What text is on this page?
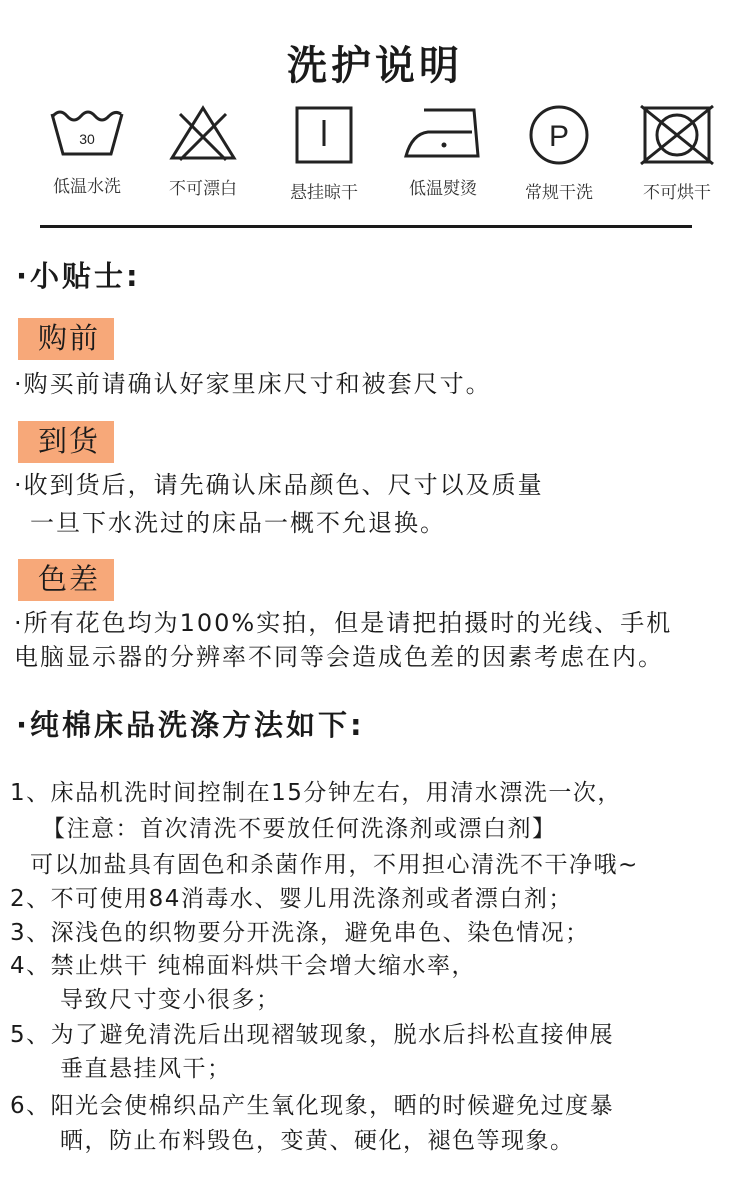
洗护说明
30
低温水洗	不可漂白	悬挂晾干	低温熨烫
P
常规干洗	不可烘干
·小贴士:
购前
·购买前请确认好家里床尺寸和被套尺寸。
到货
·收到货后，请先确认床品颜色、尺寸以及质量
一旦下水洗过的床品一概不允退换。
色差
·所有花色均为100%实拍，但是请把拍摄时的光线、手机
电脑显示器的分辨率不同等会造成色差的因素考虑在内。
·纯棉床品洗涤方法如下:
1、床品机洗时间控制在15分钟左右，用清水漂洗一次，
【注意：首次清洗不要放任何洗涤剂或漂白剂】
可以加盐具有固色和杀菌作用，不用担心清洗不干净哦~
2、不可使用84消毒水、婴儿用洗涤剂或者漂白剂；
3、深浅色的织物要分开洗涤，避免串色、染色情况；
4、禁止烘干 纯棉面料烘干会增大缩水率，
导致尺寸变小很多；
5、为了避免清洗后出现褶皱现象，脱水后抖松直接伸展
垂直悬挂风干；
6、阳光会使棉织品产生氧化现象，晒的时候避免过度暴
晒，防止布料毁色，变黄、硬化，褪色等现象。
